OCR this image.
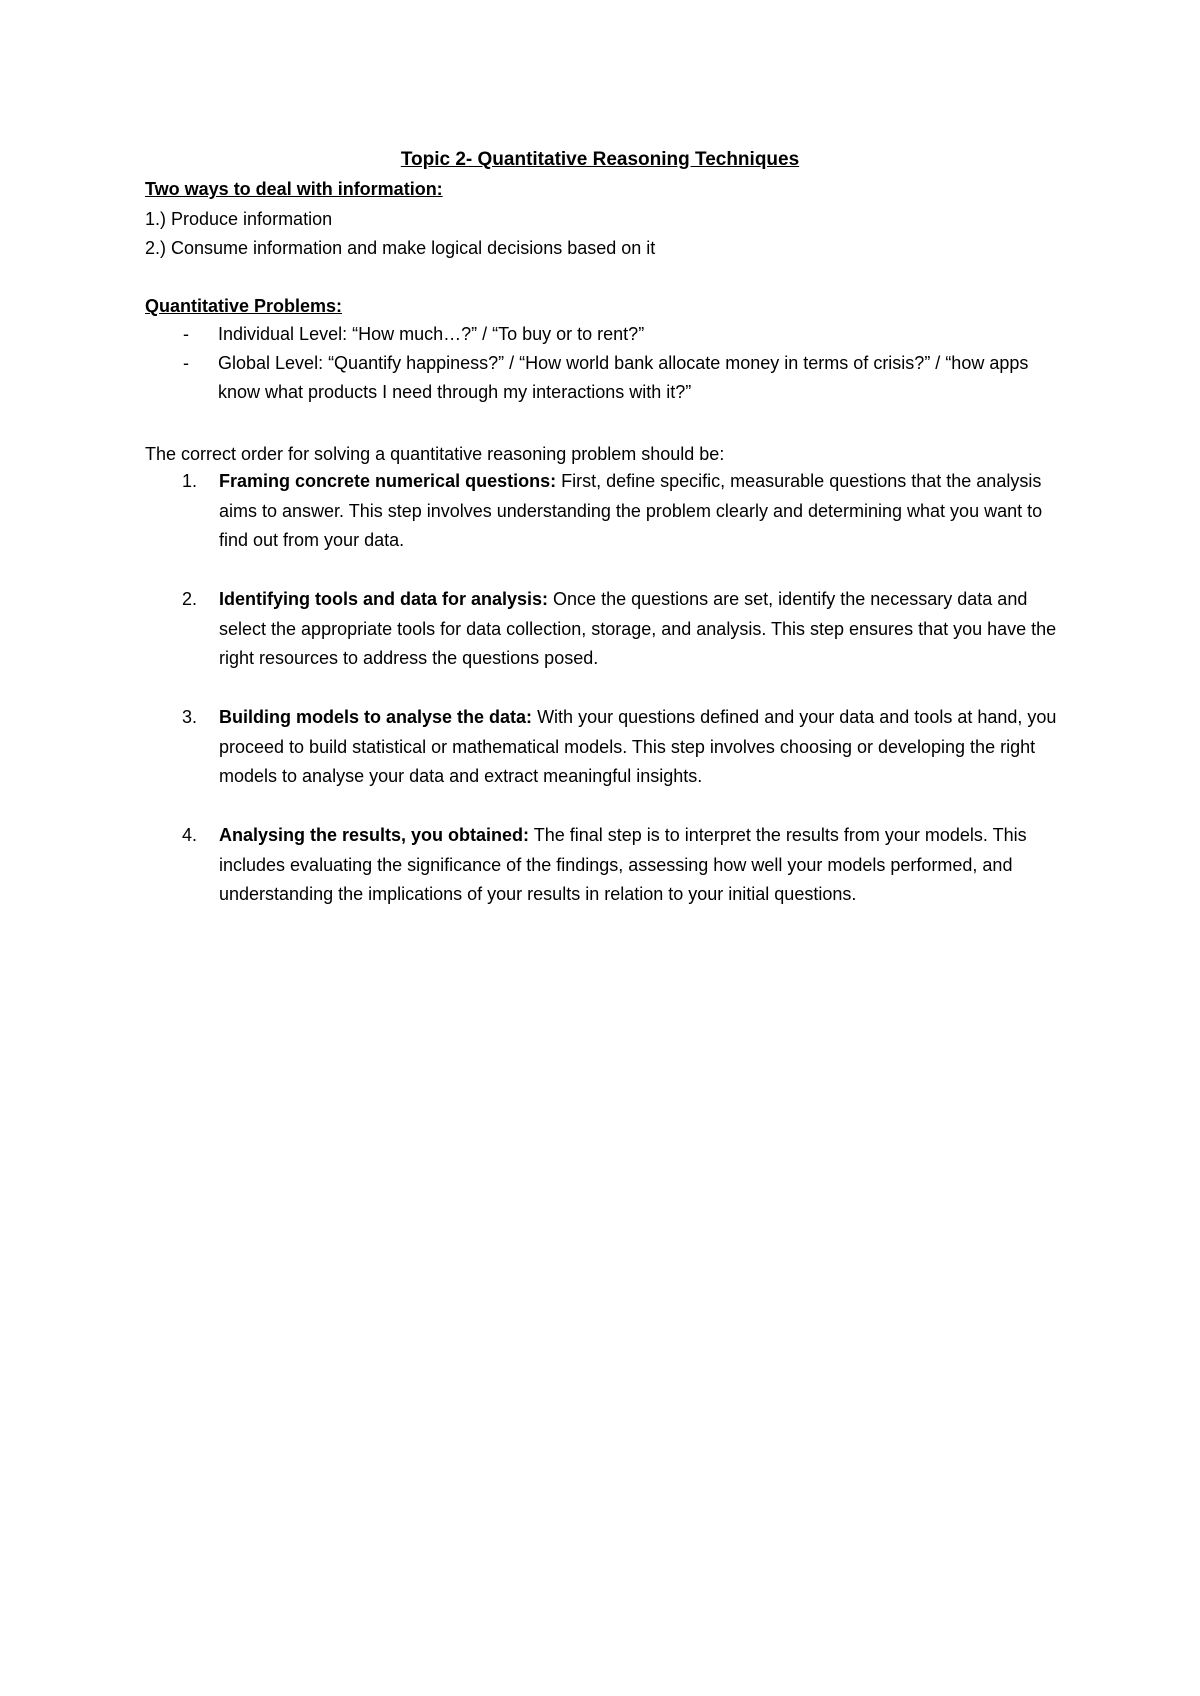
Topic 2- Quantitative Reasoning Techniques
Two ways to deal with information:
1.) Produce information
2.) Consume information and make logical decisions based on it
Quantitative Problems:
- Individual Level: “How much…?” / “To buy or to rent?”
- Global Level: “Quantify happiness?” / “How world bank allocate money in terms of crisis?” / “how apps know what products I need through my interactions with it?”
The correct order for solving a quantitative reasoning problem should be:
1. Framing concrete numerical questions: First, define specific, measurable questions that the analysis aims to answer. This step involves understanding the problem clearly and determining what you want to find out from your data.
2. Identifying tools and data for analysis: Once the questions are set, identify the necessary data and select the appropriate tools for data collection, storage, and analysis. This step ensures that you have the right resources to address the questions posed.
3. Building models to analyse the data: With your questions defined and your data and tools at hand, you proceed to build statistical or mathematical models. This step involves choosing or developing the right models to analyse your data and extract meaningful insights.
4. Analysing the results, you obtained: The final step is to interpret the results from your models. This includes evaluating the significance of the findings, assessing how well your models performed, and understanding the implications of your results in relation to your initial questions.
